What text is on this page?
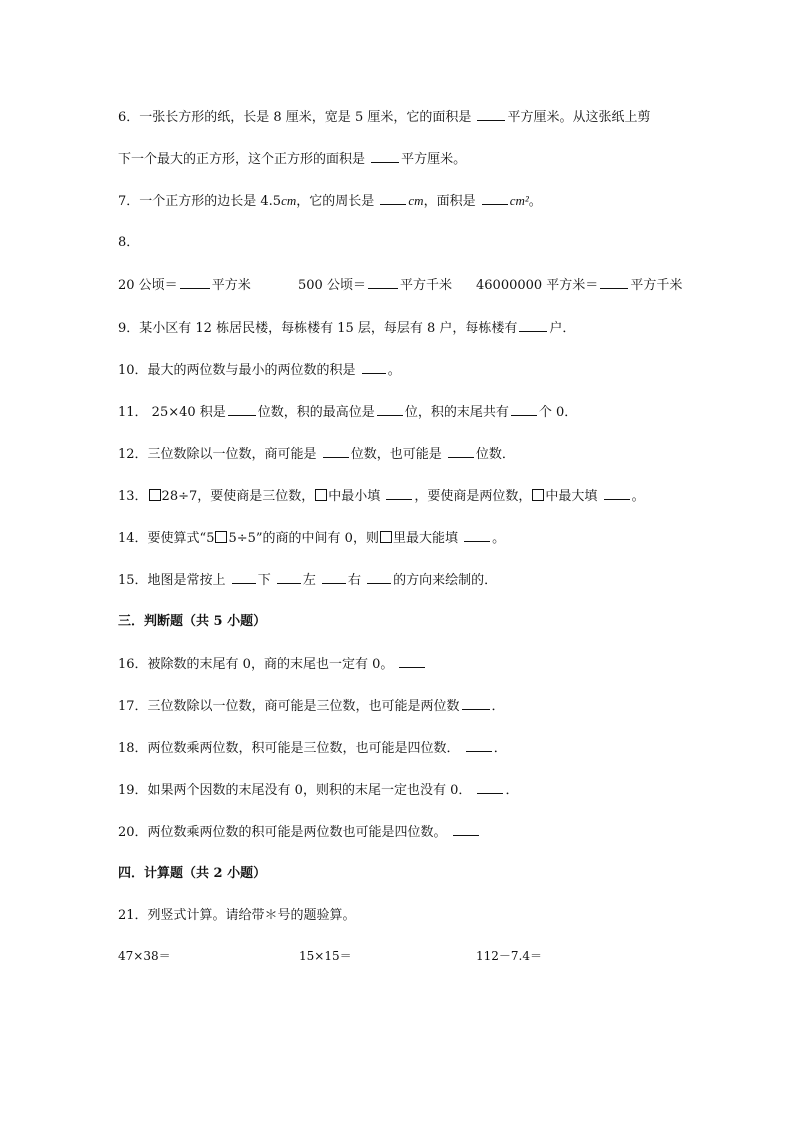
6．一张长方形的纸，长是 8 厘米，宽是 5 厘米，它的面积是 平方厘米。从这张纸上剪
下一个最大的正方形，这个正方形的面积是 平方厘米。
7．一个正方形的边长是 4.5cm，它的周长是 cm，面积是 cm²。
8．
20 公顷＝	平方米	500 公顷＝	平方千米 46000000 平方米＝ 平方千米
9．某小区有 12 栋居民楼，每栋楼有 15 层，每层有 8 户，每栋楼有 户．
10．最大的两位数与最小的两位数的积是 。
11． 25×40 积是 位数，积的最高位是 位，积的末尾共有 个 0．
12．三位数除以一位数，商可能是 位数，也可能是 位数．
13． 28÷7，要使商是三位数， 中最小填 ，要使商是两位数， 中最大填 。
14．要使算式“5 5÷5”的商的中间有 0，则 里最大能填 。
15．地图是常按上 下 左 右 的方向来绘制的．
三．判断题（共 5 小题）
16．被除数的末尾有 0，商的末尾也一定有 0。
17．三位数除以一位数，商可能是三位数，也可能是两位数 ．
18．两位数乘两位数，积可能是三位数，也可能是四位数． ．
19．如果两个因数的末尾没有 0，则积的末尾一定也没有 0． ．
20．两位数乘两位数的积可能是两位数也可能是四位数。
四．计算题（共 2 小题）
21．列竖式计算。请给带＊号的题验算。
47×38＝	15×15＝	112－7.4＝
